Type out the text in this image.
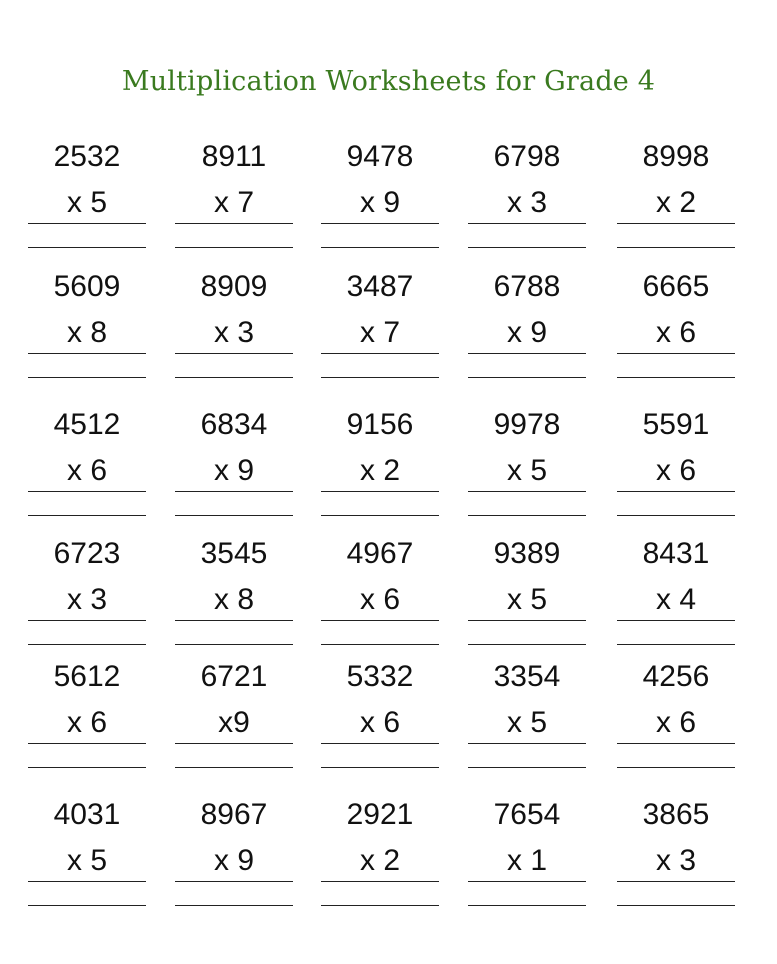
Multiplication Worksheets for Grade 4
2532
x 5
8911
x 7
9478
x 9
6798
x 3
8998
x 2
5609
x 8
8909
x 3
3487
x 7
6788
x 9
6665
x 6
4512
x 6
6834
x 9
9156
x 2
9978
x 5
5591
x 6
6723
x 3
3545
x 8
4967
x 6
9389
x 5
8431
x 4
5612
x 6
6721
x9
5332
x 6
3354
x 5
4256
x 6
4031
x 5
8967
x 9
2921
x 2
7654
x 1
3865
x 3
